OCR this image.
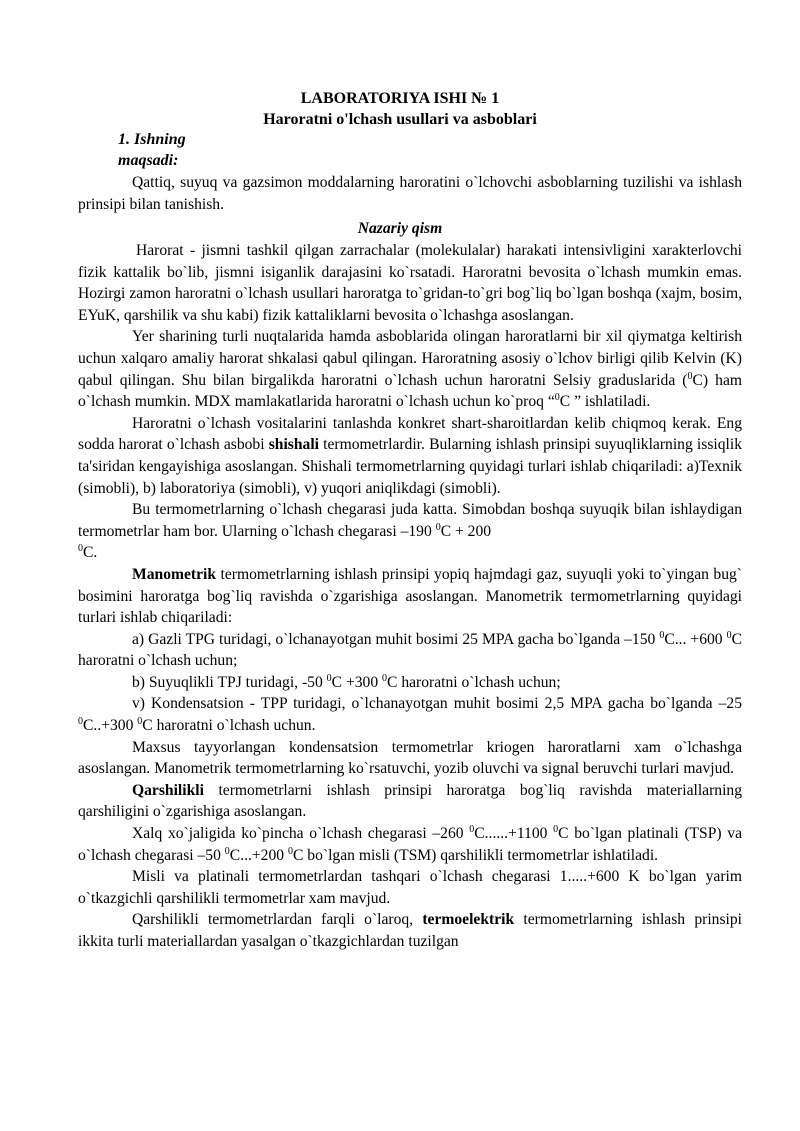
LABORATORIYA ISHI № 1
Haroratni o'lchash usullari va asboblari
1. Ishning maqsadi:

Qattiq, suyuq va gazsimon moddalarning haroratini o`lchovchi asboblarning tuzilishi va ishlash prinsipi bilan tanishish.

Nazariy qism

Harorat - jismni tashkil qilgan zarrachalar (molekulalar) harakati intensivligini xarakterlovchi fizik kattalik bo`lib, jismni isiganlik darajasini ko`rsatadi. Haroratni bevosita o`lchash mumkin emas. Hozirgi zamon haroratni o`lchash usullari haroratga to`gridan-to`gri bog`liq bo`lgan boshqa (xajm, bosim, EYuK, qarshilik va shu kabi) fizik kattaliklarni bevosita o`lchashga asoslangan.

Yer sharining turli nuqtalarida hamda asboblarida olingan haroratlarni bir xil qiymatga keltirish uchun xalqaro amaliy harorat shkalasi qabul qilingan. Haroratning asosiy o`lchov birligi qilib Kelvin (K) qabul qilingan. Shu bilan birgalikda haroratni o`lchash uchun haroratni Selsiy graduslarida ($^0$C) ham o`lchash mumkin. MDX mamlakatlarida haroratni o`lchash uchun ko`proq “$^0$C ” ishlatiladi.

Haroratni o`lchash vositalarini tanlashda konkret shart-sharoitlardan kelib chiqmoq kerak. Eng sodda harorat o`lchash asbobi shishali termometrlardir. Bularning ishlash prinsipi suyuqliklarning issiqlik ta'siridan kengayishiga asoslangan. Shishali termometrlarning quyidagi turlari ishlab chiqariladi: a)Texnik (simobli), b) laboratoriya (simobli), v) yuqori aniqlikdagi (simobli).

Bu termometrlarning o`lchash chegarasi juda katta. Simobdan boshqa suyuqik bilan ishlaydigan termometrlar ham bor. Ularning o`lchash chegarasi –190 $^0$C + 200
$^0$C.

Manometrik termometrlarning ishlash prinsipi yopiq hajmdagi gaz, suyuqli yoki to`yingan bug` bosimini haroratga bog`liq ravishda o`zgarishiga asoslangan. Manometrik termometrlarning quyidagi turlari ishlab chiqariladi:

a) Gazli TPG turidagi, o`lchanayotgan muhit bosimi 25 MPA gacha bo`lganda –150 $^0$C... +600 $^0$C haroratni o`lchash uchun;

b) Suyuqlikli TPJ turidagi, -50 $^0$C +300 $^0$C haroratni o`lchash uchun;

v) Kondensatsion - TPP turidagi, o`lchanayotgan muhit bosimi 2,5 MPA gacha bo`lganda –25 $^0$C..+300 $^0$C haroratni o`lchash uchun.

Maxsus tayyorlangan kondensatsion termometrlar kriogen haroratlarni xam o`lchashga asoslangan. Manometrik termometrlarning ko`rsatuvchi, yozib oluvchi va signal beruvchi turlari mavjud.

Qarshilikli termometrlarni ishlash prinsipi haroratga bog`liq ravishda materiallarning qarshiligini o`zgarishiga asoslangan.

Xalq xo`jaligida ko`pincha o`lchash chegarasi –260 $^0$C......+1100 $^0$C bo`lgan platinali (TSP) va o`lchash chegarasi –50 $^0$C...+200 $^0$C bo`lgan misli (TSM) qarshilikli termometrlar ishlatiladi.

Misli va platinali termometrlardan tashqari o`lchash chegarasi 1.....+600 K bo`lgan yarim o`tkazgichli qarshilikli termometrlar xam mavjud.

Qarshilikli termometrlardan farqli o`laroq, termoelektrik termometrlarning ishlash prinsipi ikkita turli materiallardan yasalgan o`tkazgichlardan tuzilgan
